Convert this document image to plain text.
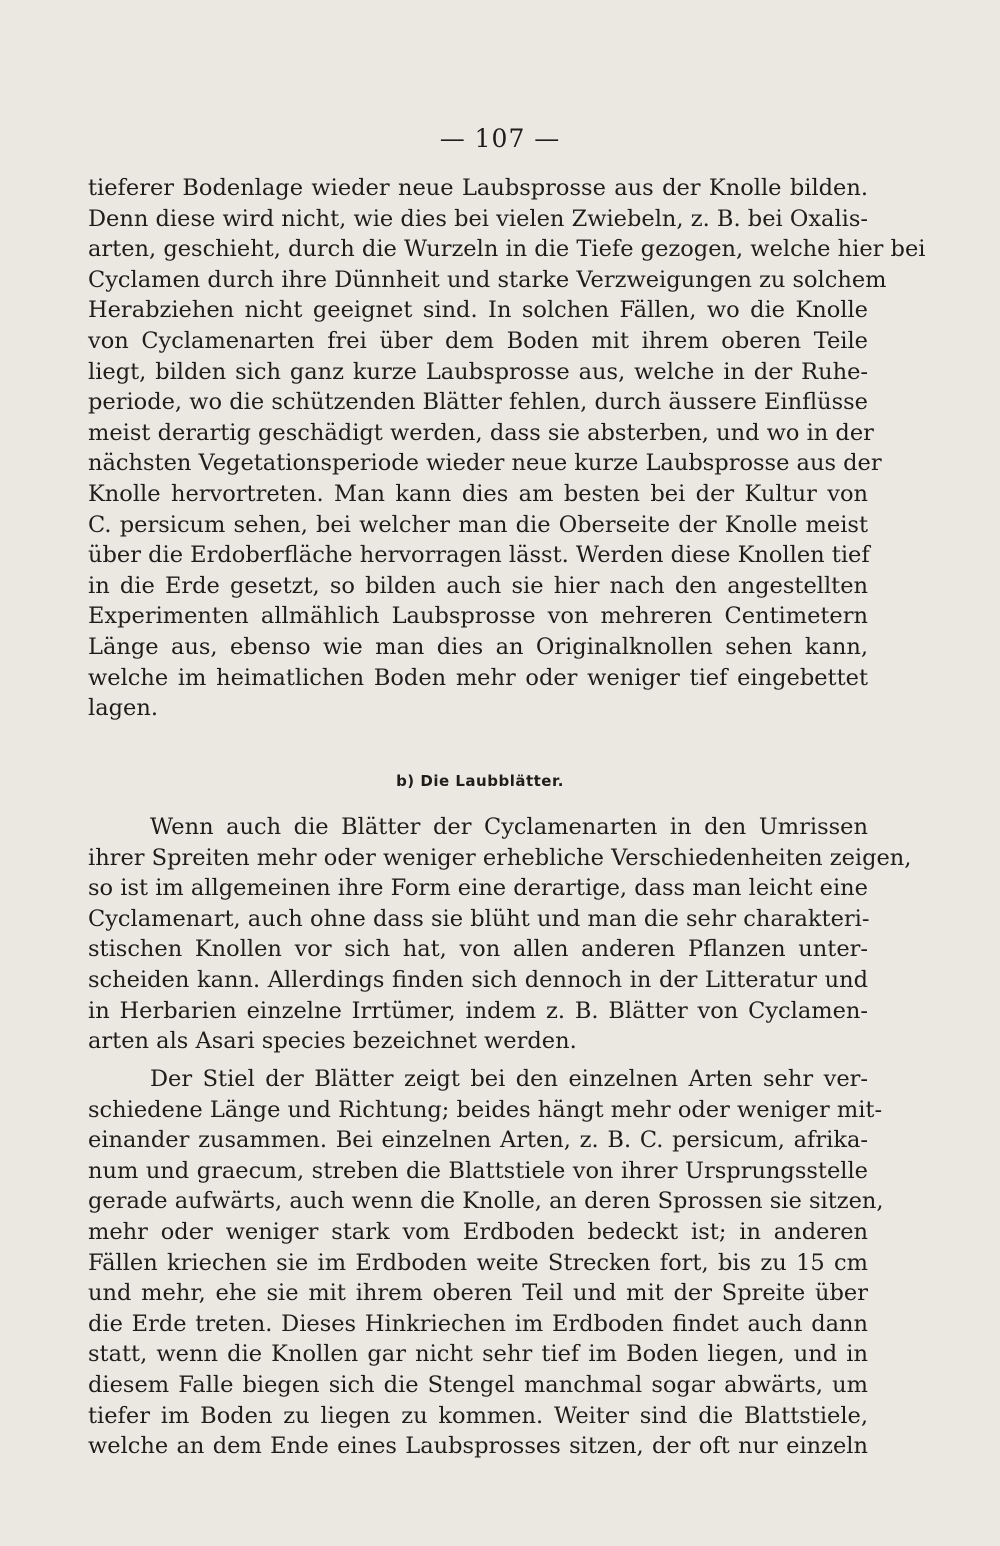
— 107 —
tieferer Bodenlage wieder neue Laubsprosse aus der Knolle bilden.
Denn diese wird nicht, wie dies bei vielen Zwiebeln, z. B. bei Oxalis-
arten, geschieht, durch die Wurzeln in die Tiefe gezogen, welche hier bei
Cyclamen durch ihre Dünnheit und starke Verzweigungen zu solchem
Herabziehen nicht geeignet sind. In solchen Fällen, wo die Knolle
von Cyclamenarten frei über dem Boden mit ihrem oberen Teile
liegt, bilden sich ganz kurze Laubsprosse aus, welche in der Ruhe-
periode, wo die schützenden Blätter fehlen, durch äussere Einflüsse
meist derartig geschädigt werden, dass sie absterben, und wo in der
nächsten Vegetationsperiode wieder neue kurze Laubsprosse aus der
Knolle hervortreten. Man kann dies am besten bei der Kultur von
C. persicum sehen, bei welcher man die Oberseite der Knolle meist
über die Erdoberfläche hervorragen lässt. Werden diese Knollen tief
in die Erde gesetzt, so bilden auch sie hier nach den angestellten
Experimenten allmählich Laubsprosse von mehreren Centimetern
Länge aus, ebenso wie man dies an Originalknollen sehen kann,
welche im heimatlichen Boden mehr oder weniger tief eingebettet
lagen.
b) Die Laubblätter.
Wenn auch die Blätter der Cyclamenarten in den Umrissen
ihrer Spreiten mehr oder weniger erhebliche Verschiedenheiten zeigen,
so ist im allgemeinen ihre Form eine derartige, dass man leicht eine
Cyclamenart, auch ohne dass sie blüht und man die sehr charakteri-
stischen Knollen vor sich hat, von allen anderen Pflanzen unter-
scheiden kann. Allerdings finden sich dennoch in der Litteratur und
in Herbarien einzelne Irrtümer, indem z. B. Blätter von Cyclamen-
arten als Asari species bezeichnet werden.
Der Stiel der Blätter zeigt bei den einzelnen Arten sehr ver-
schiedene Länge und Richtung; beides hängt mehr oder weniger mit-
einander zusammen. Bei einzelnen Arten, z. B. C. persicum, afrika-
num und graecum, streben die Blattstiele von ihrer Ursprungsstelle
gerade aufwärts, auch wenn die Knolle, an deren Sprossen sie sitzen,
mehr oder weniger stark vom Erdboden bedeckt ist; in anderen
Fällen kriechen sie im Erdboden weite Strecken fort, bis zu 15 cm
und mehr, ehe sie mit ihrem oberen Teil und mit der Spreite über
die Erde treten. Dieses Hinkriechen im Erdboden findet auch dann
statt, wenn die Knollen gar nicht sehr tief im Boden liegen, und in
diesem Falle biegen sich die Stengel manchmal sogar abwärts, um
tiefer im Boden zu liegen zu kommen. Weiter sind die Blattstiele,
welche an dem Ende eines Laubsprosses sitzen, der oft nur einzeln
